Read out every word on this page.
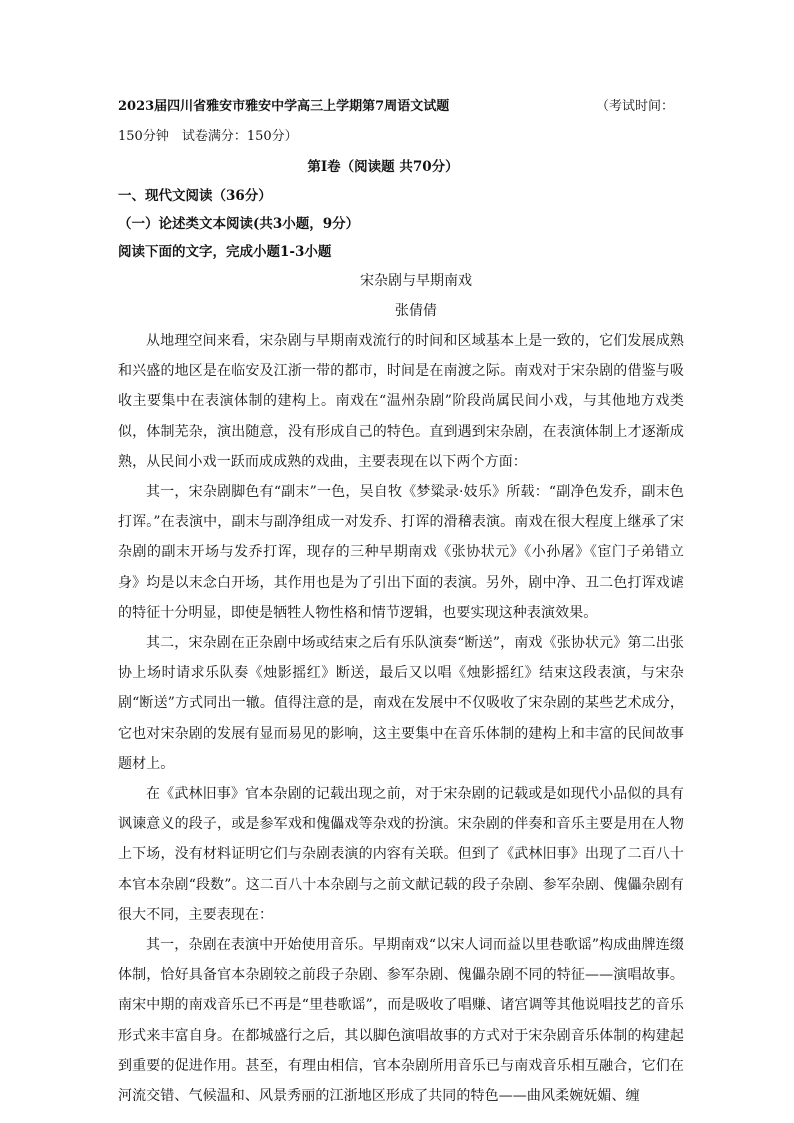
2023届四川省雅安市雅安中学高三上学期第7周语文试题	（考试时间：
150分钟　试卷满分：150分）
第Ⅰ卷（阅读题 共70分）
一、现代文阅读（36分）
（一）论述类文本阅读(共3小题，9分）
阅读下面的文字，完成小题1-3小题
宋杂剧与早期南戏
张倩倩
从地理空间来看，宋杂剧与早期南戏流行的时间和区域基本上是一致的，它们发展成熟和兴盛的地区是在临安及江浙一带的都市，时间是在南渡之际。南戏对于宋杂剧的借鉴与吸收主要集中在表演体制的建构上。南戏在“温州杂剧”阶段尚属民间小戏，与其他地方戏类似，体制芜杂，演出随意，没有形成自己的特色。直到遇到宋杂剧，在表演体制上才逐渐成熟，从民间小戏一跃而成成熟的戏曲，主要表现在以下两个方面：
其一，宋杂剧脚色有“副末”一色，吴自牧《梦粱录·妓乐》所载：“副净色发乔，副末色打诨。”在表演中，副末与副净组成一对发乔、打诨的滑稽表演。南戏在很大程度上继承了宋杂剧的副末开场与发乔打诨，现存的三种早期南戏《张协状元》《小孙屠》《宦门子弟错立身》均是以末念白开场，其作用也是为了引出下面的表演。另外，剧中净、丑二色打诨戏谑的特征十分明显，即使是牺牲人物性格和情节逻辑，也要实现这种表演效果。
其二，宋杂剧在正杂剧中场或结束之后有乐队演奏“断送”，南戏《张协状元》第二出张协上场时请求乐队奏《烛影摇红》断送，最后又以唱《烛影摇红》结束这段表演，与宋杂剧“断送”方式同出一辙。值得注意的是，南戏在发展中不仅吸收了宋杂剧的某些艺术成分，它也对宋杂剧的发展有显而易见的影响，这主要集中在音乐体制的建构上和丰富的民间故事题材上。
在《武林旧事》官本杂剧的记载出现之前，对于宋杂剧的记载或是如现代小品似的具有讽谏意义的段子，或是参军戏和傀儡戏等杂戏的扮演。宋杂剧的伴奏和音乐主要是用在人物上下场，没有材料证明它们与杂剧表演的内容有关联。但到了《武林旧事》出现了二百八十本官本杂剧“段数”。这二百八十本杂剧与之前文献记载的段子杂剧、参军杂剧、傀儡杂剧有很大不同，主要表现在：
其一，杂剧在表演中开始使用音乐。早期南戏“以宋人词而益以里巷歌谣”构成曲牌连缀体制，恰好具备官本杂剧较之前段子杂剧、参军杂剧、傀儡杂剧不同的特征——演唱故事。南宋中期的南戏音乐已不再是“里巷歌谣”，而是吸收了唱赚、诸宫调等其他说唱技艺的音乐形式来丰富自身。在都城盛行之后，其以脚色演唱故事的方式对于宋杂剧音乐体制的构建起到重要的促进作用。甚至，有理由相信，官本杂剧所用音乐已与南戏音乐相互融合，它们在河流交错、气候温和、风景秀丽的江浙地区形成了共同的特色——曲风柔婉妩媚、缠
